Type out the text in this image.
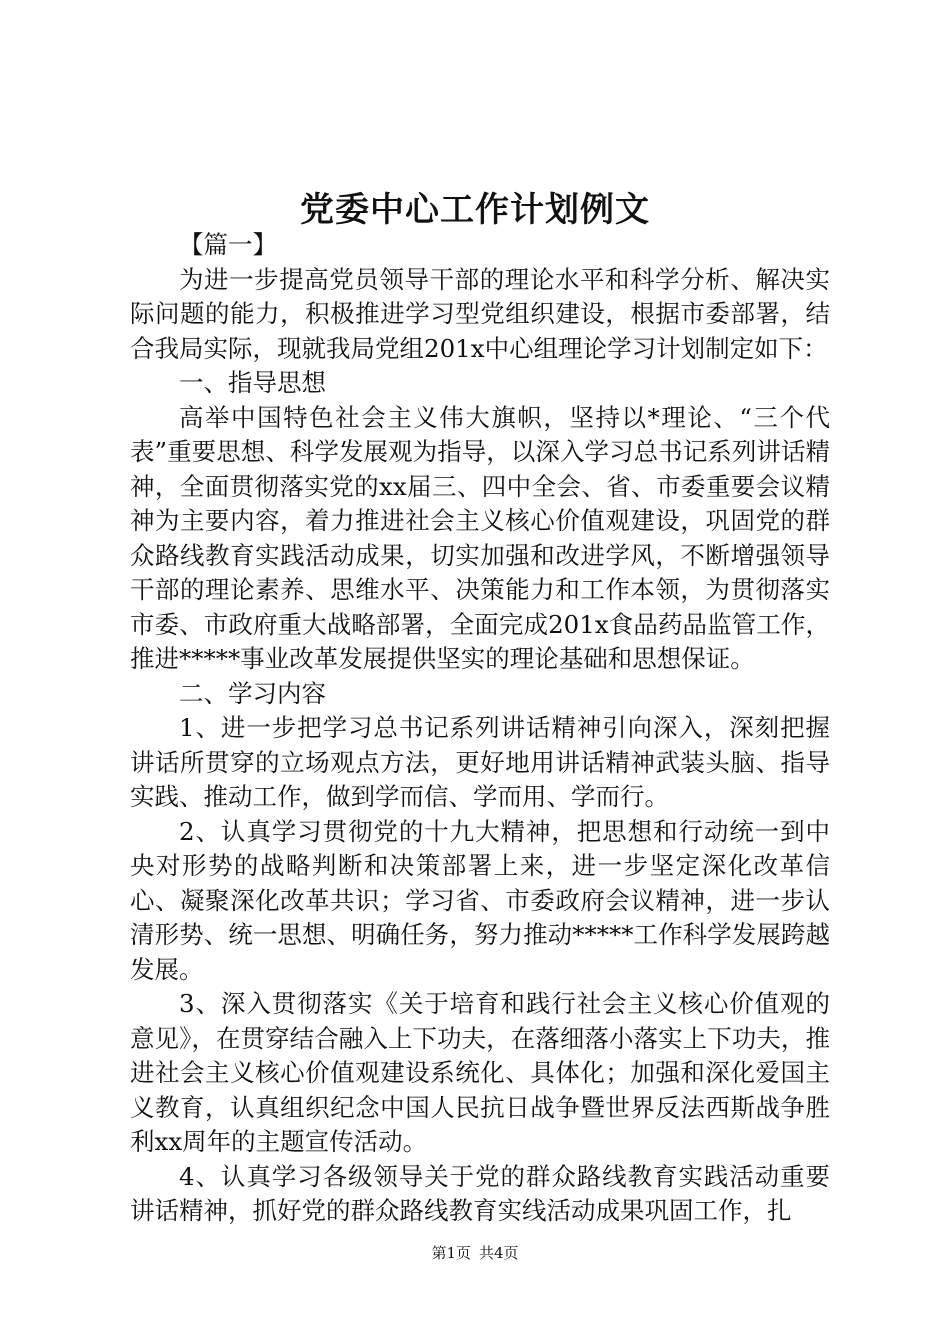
党委中心工作计划例文

【篇一】

为进一步提高党员领导干部的理论水平和科学分析、解决实际问题的能力，积极推进学习型党组织建设，根据市委部署，结合我局实际，现就我局党组201x中心组理论学习计划制定如下：

一、指导思想

高举中国特色社会主义伟大旗帜，坚持以*理论、“三个代表”重要思想、科学发展观为指导，以深入学习总书记系列讲话精神，全面贯彻落实党的xx届三、四中全会、省、市委重要会议精神为主要内容，着力推进社会主义核心价值观建设，巩固党的群众路线教育实践活动成果，切实加强和改进学风，不断增强领导干部的理论素养、思维水平、决策能力和工作本领，为贯彻落实市委、市政府重大战略部署，全面完成201x食品药品监管工作，推进*****事业改革发展提供坚实的理论基础和思想保证。

二、学习内容

1、进一步把学习总书记系列讲话精神引向深入，深刻把握讲话所贯穿的立场观点方法，更好地用讲话精神武装头脑、指导实践、推动工作，做到学而信、学而用、学而行。

2、认真学习贯彻党的十九大精神，把思想和行动统一到中央对形势的战略判断和决策部署上来，进一步坚定深化改革信心、凝聚深化改革共识；学习省、市委政府会议精神，进一步认清形势、统一思想、明确任务，努力推动*****工作科学发展跨越发展。

3、深入贯彻落实《关于培育和践行社会主义核心价值观的意见》，在贯穿结合融入上下功夫，在落细落小落实上下功夫，推进社会主义核心价值观建设系统化、具体化；加强和深化爱国主义教育，认真组织纪念中国人民抗日战争暨世界反法西斯战争胜利xx周年的主题宣传活动。

4、认真学习各级领导关于党的群众路线教育实践活动重要讲话精神，抓好党的群众路线教育实线活动成果巩固工作，扎

第1页 共4页
